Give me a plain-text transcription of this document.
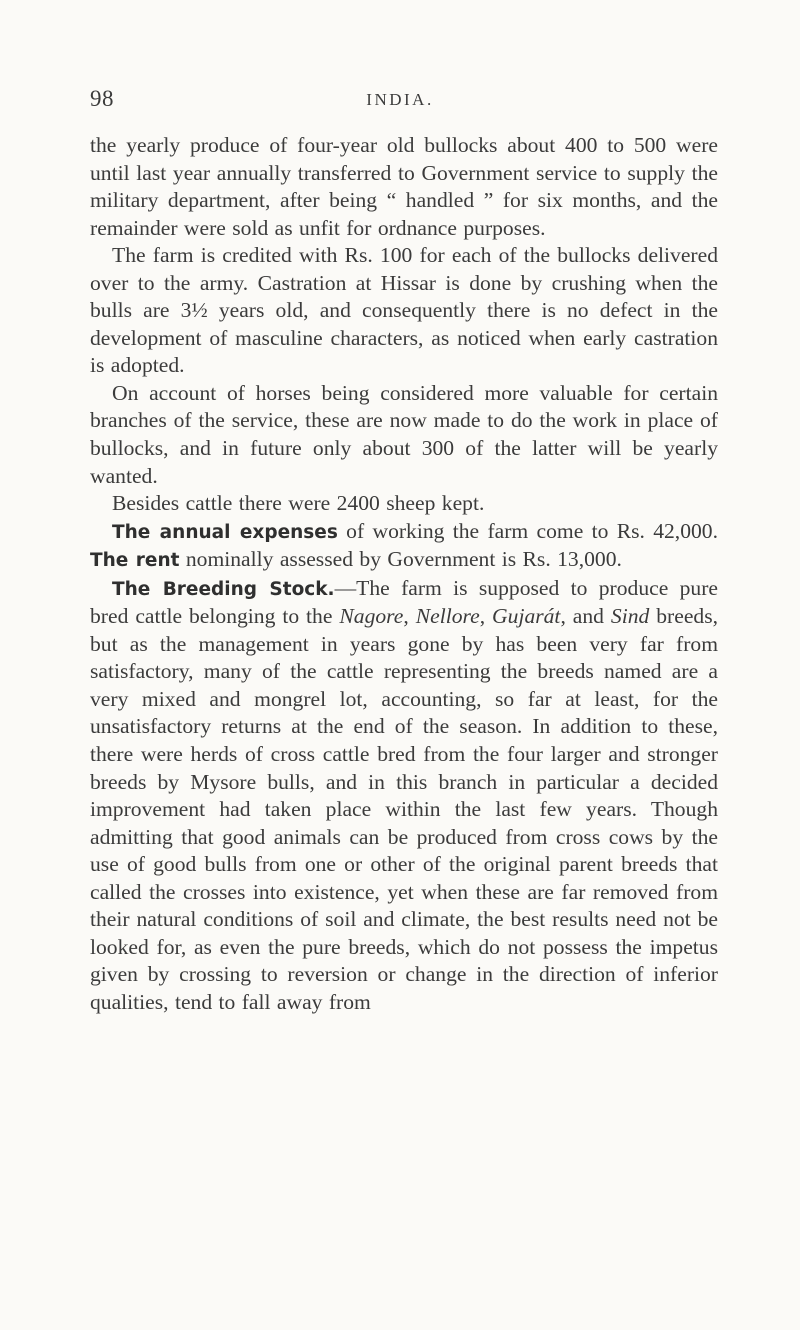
98	INDIA.

the yearly produce of four-year old bullocks about 400 to 500 were until last year annually transferred to Government service to supply the military department, after being “ handled ” for six months, and the remainder were sold as unfit for ordnance purposes.

The farm is credited with Rs. 100 for each of the bullocks delivered over to the army. Castration at Hissar is done by crushing when the bulls are 3½ years old, and consequently there is no defect in the development of masculine characters, as noticed when early castration is adopted.

On account of horses being considered more valuable for certain branches of the service, these are now made to do the work in place of bullocks, and in future only about 300 of the latter will be yearly wanted.

Besides cattle there were 2400 sheep kept.

The annual expenses of working the farm come to Rs. 42,000. The rent nominally assessed by Government is Rs. 13,000.

The Breeding Stock.—The farm is supposed to produce pure bred cattle belonging to the Nagore, Nellore, Gujarát, and Sind breeds, but as the management in years gone by has been very far from satisfactory, many of the cattle representing the breeds named are a very mixed and mongrel lot, accounting, so far at least, for the unsatisfactory returns at the end of the season. In addition to these, there were herds of cross cattle bred from the four larger and stronger breeds by Mysore bulls, and in this branch in particular a decided improvement had taken place within the last few years. Though admitting that good animals can be produced from cross cows by the use of good bulls from one or other of the original parent breeds that called the crosses into existence, yet when these are far removed from their natural conditions of soil and climate, the best results need not be looked for, as even the pure breeds, which do not possess the impetus given by crossing to reversion or change in the direction of inferior qualities, tend to fall away from
